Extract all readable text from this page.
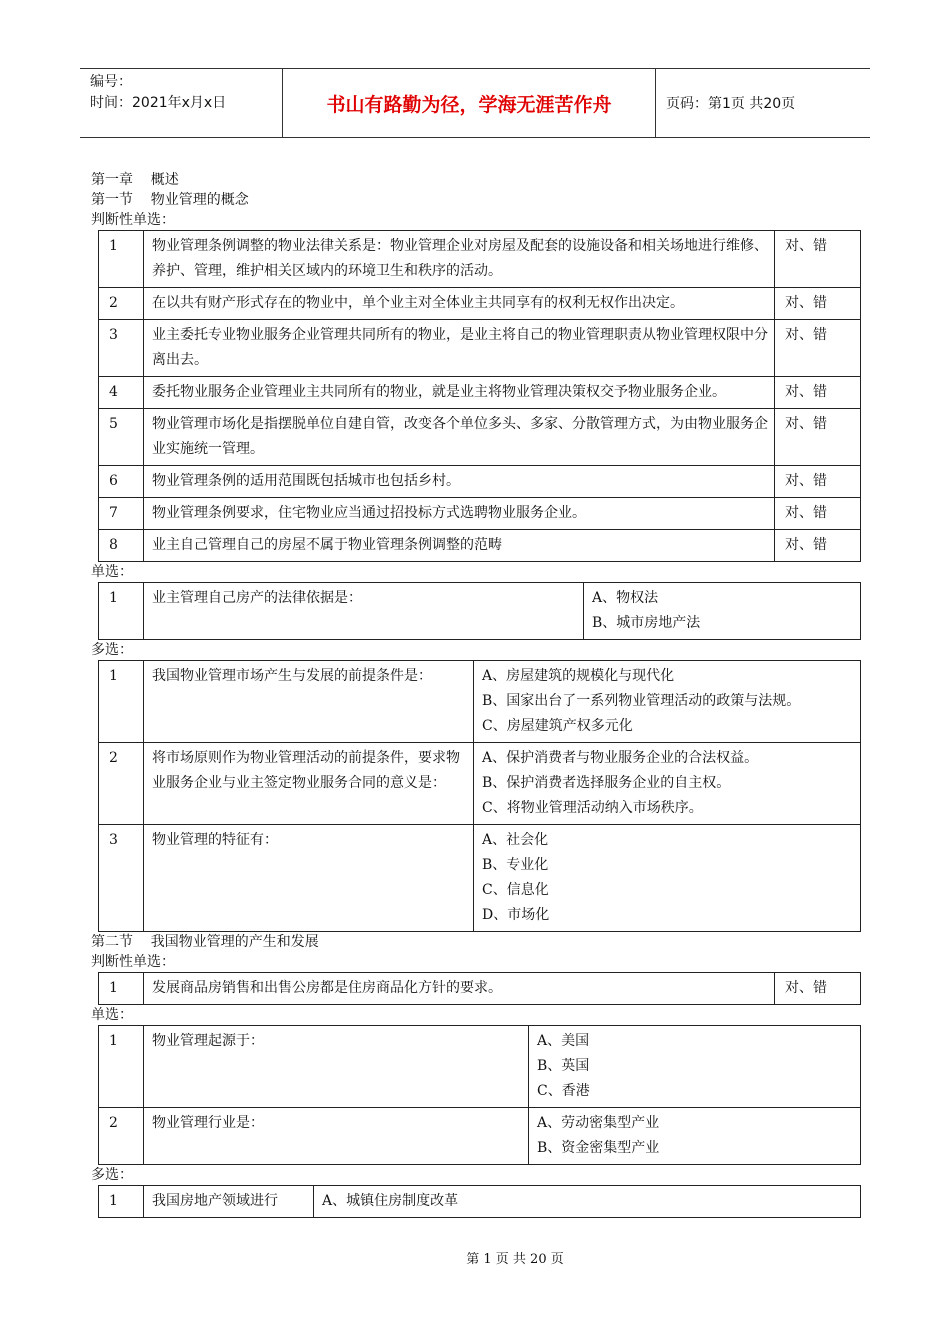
编号：
时间：2021年x月x日	书山有路勤为径，学海无涯苦作舟	页码：第1页 共20页
第一章    概述
第一节    物业管理的概念
判断性单选：
1	物业管理条例调整的物业法律关系是：物业管理企业对房屋及配套的设施设备和相关场地进行维修、养护、管理，维护相关区域内的环境卫生和秩序的活动。	对、错
2	在以共有财产形式存在的物业中，单个业主对全体业主共同享有的权利无权作出决定。	对、错
3	业主委托专业物业服务企业管理共同所有的物业，是业主将自己的物业管理职责从物业管理权限中分离出去。	对、错
4	委托物业服务企业管理业主共同所有的物业，就是业主将物业管理决策权交予物业服务企业。	对、错
5	物业管理市场化是指摆脱单位自建自管，改变各个单位多头、多家、分散管理方式，为由物业服务企业实施统一管理。	对、错
6	物业管理条例的适用范围既包括城市也包括乡村。	对、错
7	物业管理条例要求，住宅物业应当通过招投标方式选聘物业服务企业。	对、错
8	业主自己管理自己的房屋不属于物业管理条例调整的范畴	对、错
单选：
1	业主管理自己房产的法律依据是：	A、物权法
B、城市房地产法
多选：
1	我国物业管理市场产生与发展的前提条件是：	A、房屋建筑的规模化与现代化
B、国家出台了一系列物业管理活动的政策与法规。
C、房屋建筑产权多元化

2	将市场原则作为物业管理活动的前提条件，要求物业服务企业与业主签定物业服务合同的意义是：	A、保护消费者与物业服务企业的合法权益。
B、保护消费者选择服务企业的自主权。
C、将物业管理活动纳入市场秩序。

3	物业管理的特征有：	A、社会化
B、专业化
C、信息化
D、市场化
第二节    我国物业管理的产生和发展
判断性单选：
1	发展商品房销售和出售公房都是住房商品化方针的要求。	对、错
单选：
1	物业管理起源于：	A、美国
B、英国
C、香港

2	物业管理行业是：	A、劳动密集型产业
B、资金密集型产业
多选：
1	我国房地产领域进行	A、城镇住房制度改革
第 1 页 共 20 页
